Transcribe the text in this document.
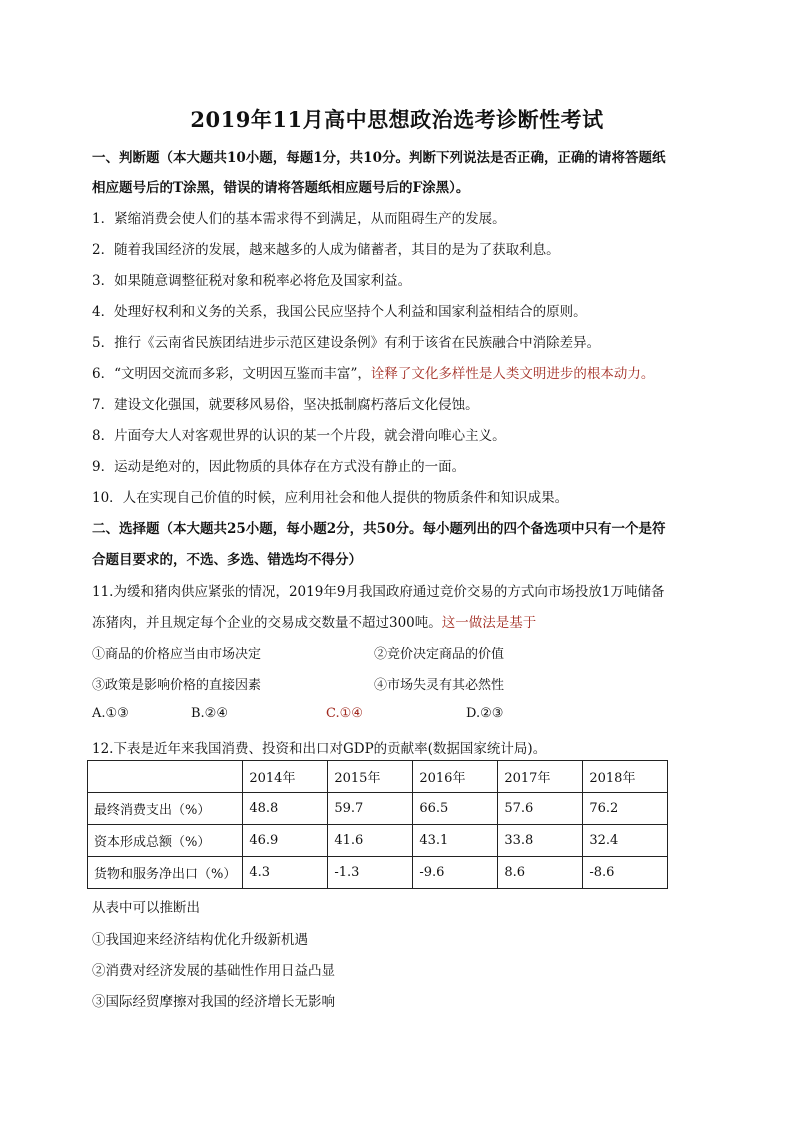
2019年11月高中思想政治选考诊断性考试
一、判断题（本大题共10小题，每题1分，共10分。判断下列说法是否正确，正确的请将答题纸
相应题号后的T涂黑，错误的请将答题纸相应题号后的F涂黑）。
1．紧缩消费会使人们的基本需求得不到满足，从而阻碍生产的发展。
2．随着我国经济的发展，越来越多的人成为储蓄者，其目的是为了获取利息。
3．如果随意调整征税对象和税率必将危及国家利益。
4．处理好权利和义务的关系，我国公民应坚持个人利益和国家利益相结合的原则。
5．推行《云南省民族团结进步示范区建设条例》有利于该省在民族融合中消除差异。
6．“文明因交流而多彩，文明因互鉴而丰富”，诠释了文化多样性是人类文明进步的根本动力。
7．建设文化强国，就要移风易俗，坚决抵制腐朽落后文化侵蚀。
8．片面夸大人对客观世界的认识的某一个片段，就会滑向唯心主义。
9．运动是绝对的，因此物质的具体存在方式没有静止的一面。
10．人在实现自己价值的时候，应利用社会和他人提供的物质条件和知识成果。
二、选择题（本大题共25小题，每小题2分，共50分。每小题列出的四个备选项中只有一个是符
合题目要求的，不选、多选、错选均不得分）
11.为缓和猪肉供应紧张的情况，2019年9月我国政府通过竞价交易的方式向市场投放1万吨储备
冻猪肉，并且规定每个企业的交易成交数量不超过300吨。这一做法是基于
①商品的价格应当由市场决定	②竞价决定商品的价值
③政策是影响价格的直接因素	④市场失灵有其必然性
A.①③	B.②④	C.①④	D.②③
12.下表是近年来我国消费、投资和出口对GDP的贡献率(数据国家统计局)。
	2014年	2015年	2016年	2017年	2018年
最终消费支出（%）	48.8	59.7	66.5	57.6	76.2
资本形成总额（%）	46.9	41.6	43.1	33.8	32.4
货物和服务净出口（%）	4.3	-1.3	-9.6	8.6	-8.6
从表中可以推断出
①我国迎来经济结构优化升级新机遇
②消费对经济发展的基础性作用日益凸显
③国际经贸摩擦对我国的经济增长无影响
